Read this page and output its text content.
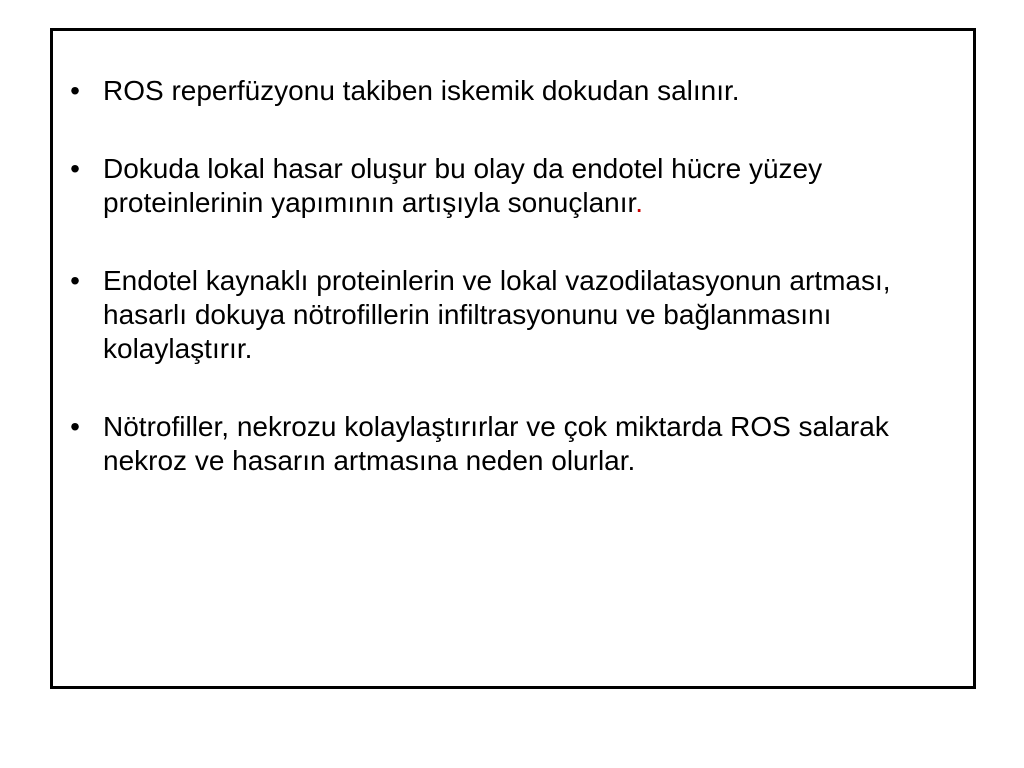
• ROS reperfüzyonu takiben iskemik dokudan salınır.
• Dokuda lokal hasar oluşur bu olay da endotel hücre yüzey proteinlerinin yapımının artışıyla sonuçlanır.
• Endotel kaynaklı proteinlerin ve lokal vazodilatasyonun artması, hasarlı dokuya nötrofillerin infiltrasyonunu ve bağlanmasını kolaylaştırır.
• Nötrofiller, nekrozu kolaylaştırırlar ve çok miktarda ROS salarak nekroz ve hasarın artmasına neden olurlar.
